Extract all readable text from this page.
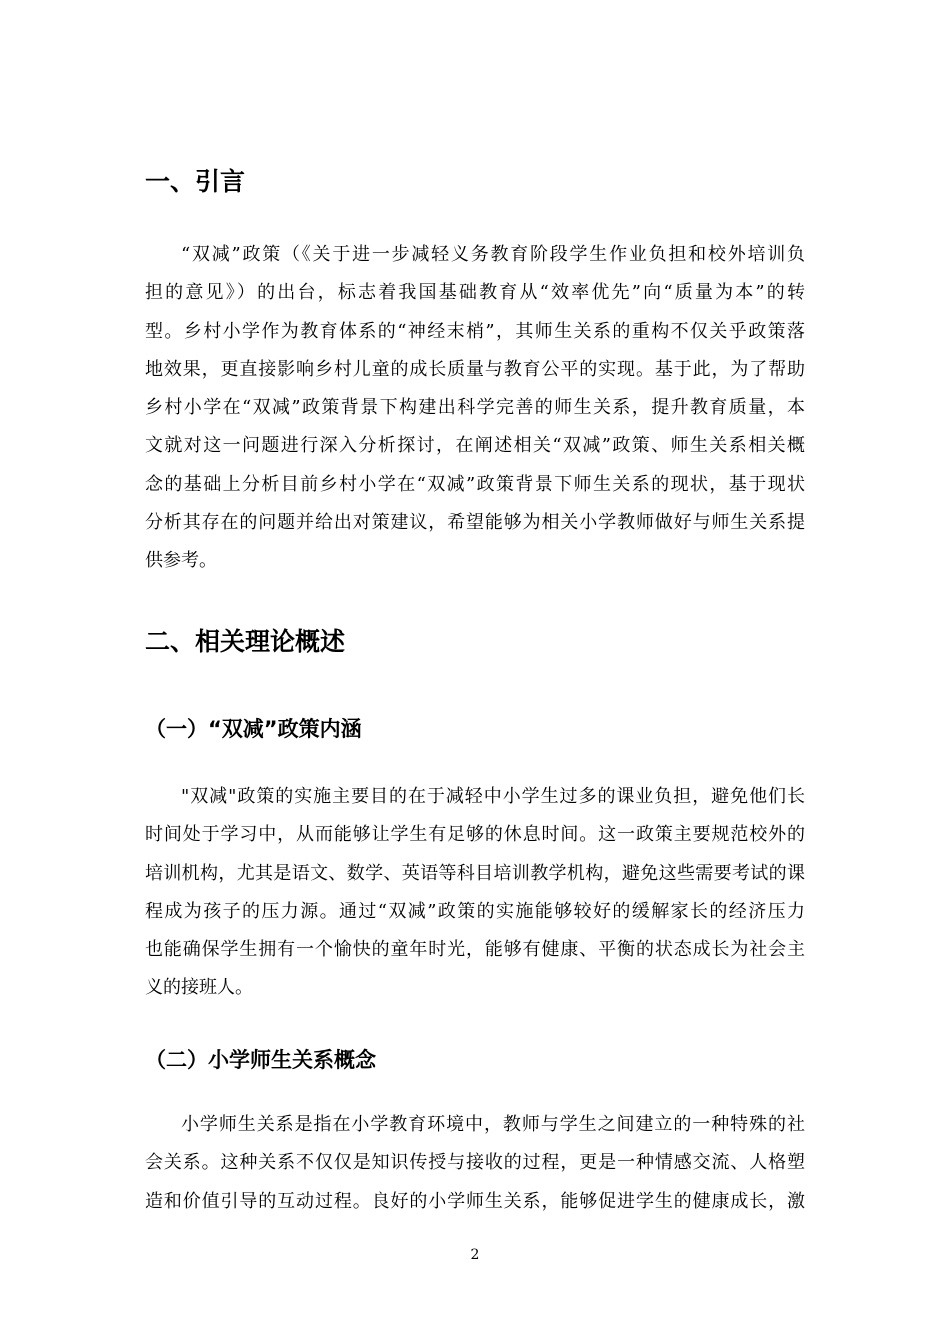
一、引言
“双减”政策（《关于进一步减轻义务教育阶段学生作业负担和校外培训负
担的意见》）的出台，标志着我国基础教育从“效率优先”向“质量为本”的转
型。乡村小学作为教育体系的“神经末梢”，其师生关系的重构不仅关乎政策落
地效果，更直接影响乡村儿童的成长质量与教育公平的实现。基于此，为了帮助
乡村小学在“双减”政策背景下构建出科学完善的师生关系，提升教育质量，本
文就对这一问题进行深入分析探讨，在阐述相关“双减”政策、师生关系相关概
念的基础上分析目前乡村小学在“双减”政策背景下师生关系的现状，基于现状
分析其存在的问题并给出对策建议，希望能够为相关小学教师做好与师生关系提
供参考。
二、相关理论概述
（一）“双减”政策内涵
"双减"政策的实施主要目的在于减轻中小学生过多的课业负担，避免他们长
时间处于学习中，从而能够让学生有足够的休息时间。这一政策主要规范校外的
培训机构，尤其是语文、数学、英语等科目培训教学机构，避免这些需要考试的课
程成为孩子的压力源。通过“双减”政策的实施能够较好的缓解家长的经济压力
也能确保学生拥有一个愉快的童年时光，能够有健康、平衡的状态成长为社会主
义的接班人。
（二）小学师生关系概念
小学师生关系是指在小学教育环境中，教师与学生之间建立的一种特殊的社
会关系。这种关系不仅仅是知识传授与接收的过程，更是一种情感交流、人格塑
造和价值引导的互动过程。良好的小学师生关系，能够促进学生的健康成长，激
2
